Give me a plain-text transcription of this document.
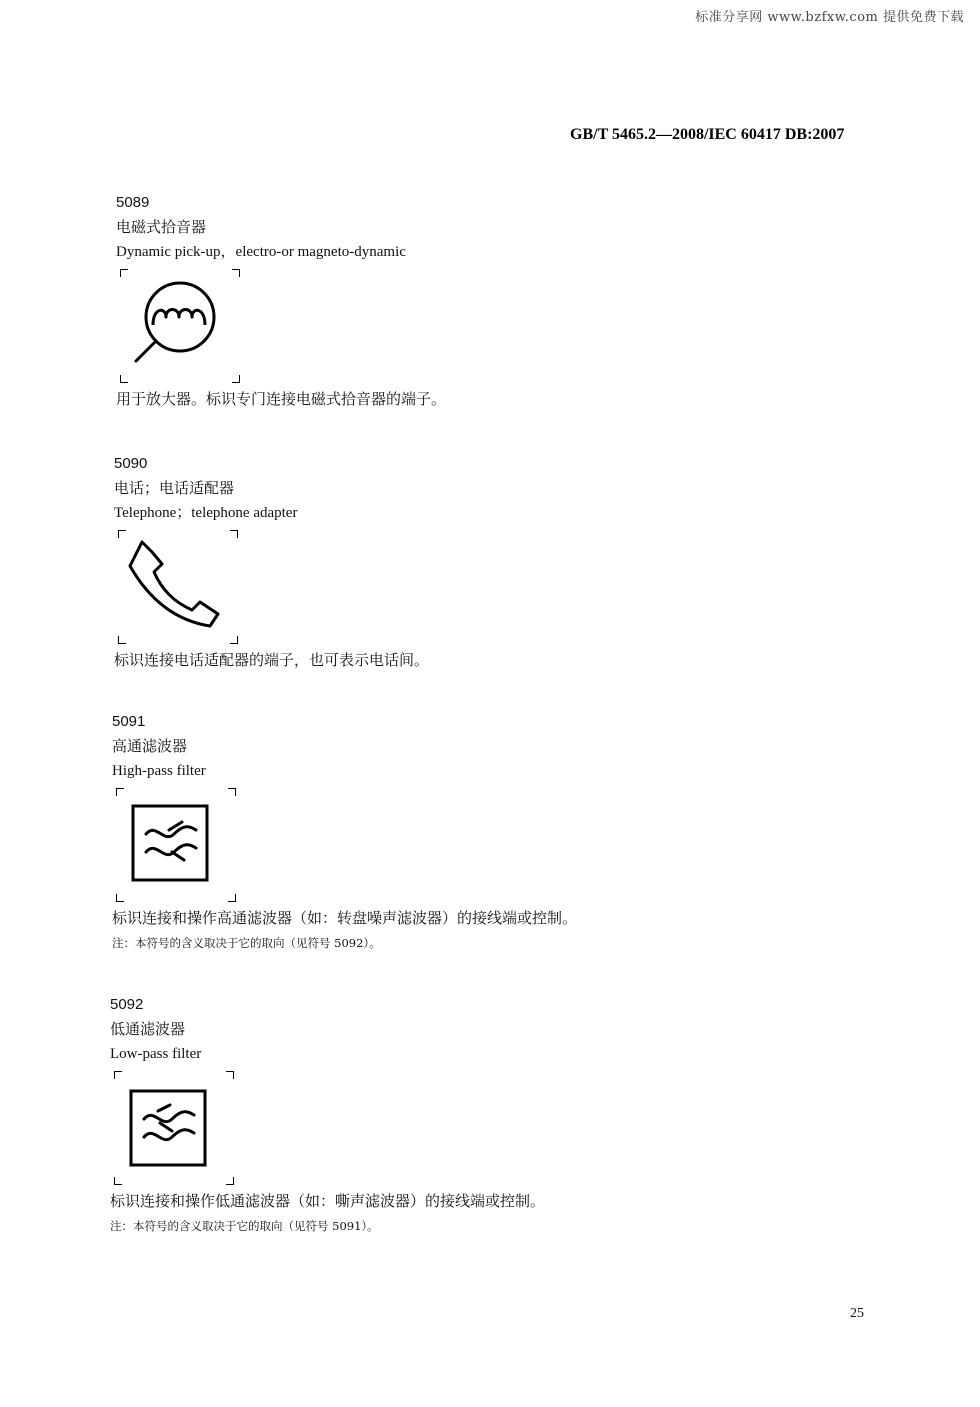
标准分享网 www.bzfxw.com 提供免费下载
GB/T 5465.2—2008/IEC 60417 DB:2007
5089
电磁式拾音器
Dynamic pick-up，electro-or magneto-dynamic
用于放大器。标识专门连接电磁式拾音器的端子。
5090
电话；电话适配器
Telephone；telephone adapter
标识连接电话适配器的端子，也可表示电话间。
5091
高通滤波器
High-pass filter
标识连接和操作高通滤波器（如：转盘噪声滤波器）的接线端或控制。
注：本符号的含义取决于它的取向（见符号 5092）。
5092
低通滤波器
Low-pass filter
标识连接和操作低通滤波器（如：嘶声滤波器）的接线端或控制。
注：本符号的含义取决于它的取向（见符号 5091）。
25
